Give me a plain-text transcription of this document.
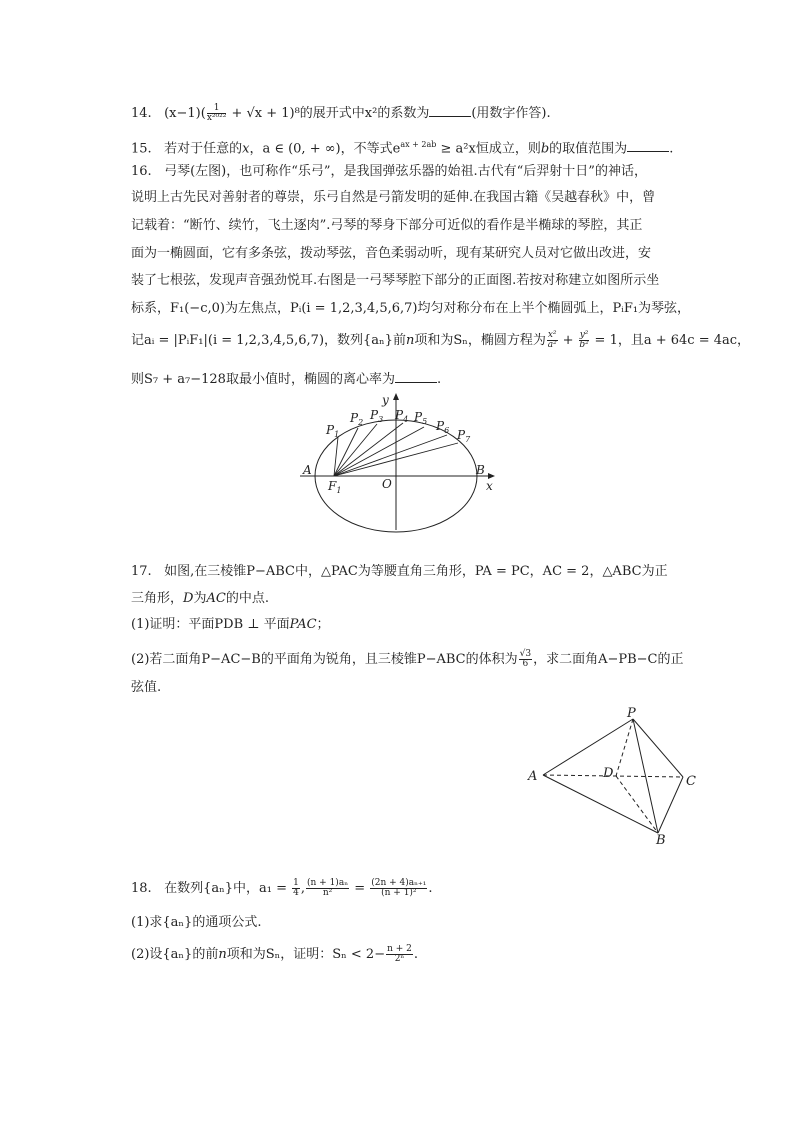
14. $(x-1)( \frac{1}{\text{x²⁰²²}} + √x + 1)^8$的展开式中x²的系数为	(用数字作答).
15. 若对于任意的x，a ∈ (0, + ∞)，不等式$e^{ax + 2ab} \ge a^2x$恒成立，则b的取值范围为	.
16. 弓琴(左图)，也可称作“乐弓”，是我国弹弦乐器的始祖.古代有“后羿射十日”的神话，
说明上古先民对善射者的尊崇，乐弓自然是弓箭发明的延伸.在我国古籍《吴越春秋》中，曾
记载着：“断竹、续竹，飞土逐肉”.弓琴的琴身下部分可近似的看作是半椭球的琴腔，其正
面为一椭圆面，它有多条弦，拨动琴弦，音色柔弱动听，现有某研究人员对它做出改进，安
装了七根弦，发现声音强劲悦耳.右图是一弓琴琴腔下部分的正面图.若按对称建立如图所示坐
标系，F₁(−c,0)为左焦点，Pᵢ(i = 1,2,3,4,5,6,7)均匀对称分布在上半个椭圆弧上，PᵢF₁为琴弦，
记aᵢ = |PᵢF₁|(i = 1,2,3,4,5,6,7)，数列{aₙ}前n项和为Sₙ，椭圆方程为 $\frac{\text{x²}}{\text{a²}} + \frac{\text{y²}}{\text{b²}} = 1$，且a + 64c = 4ac，
则S₇ + a₇−128取最小值时，椭圆的离心率为	.
y
x
A	B
O
$F_1$
$P_1$
$P_2$
$P_3$ $P_4$ $P_5$ $P_6$ $P_7$
17. 如图,在三棱锥P−ABC中，△PAC为等腰直角三角形，PA = PC，AC = 2，△ABC为正
三角形，D为AC的中点.
(1)证明：平面PDB ⊥ 平面PAC；
(2)若二面角P−AC−B的平面角为锐角，且三棱锥P−ABC的体积为 $\frac{√3}{6}$ ，求二面角A−PB−C的正
弦值.
P
A	D
C
B
18. 在数列{aₙ}中，$a_1 = \frac{1}{4}$ , $\frac{\text{(n + 1)aₙ}}{\text{n²}} = \frac{\text{(2n + 4)aₙ₊₁}}{\text{(n + 1)²}}$ .
(1)求{aₙ}的通项公式.
(2)设{aₙ}的前n项和为Sₙ，证明：$S_n < 2- \frac{n + 2}{\text{2ⁿ}}$ .
